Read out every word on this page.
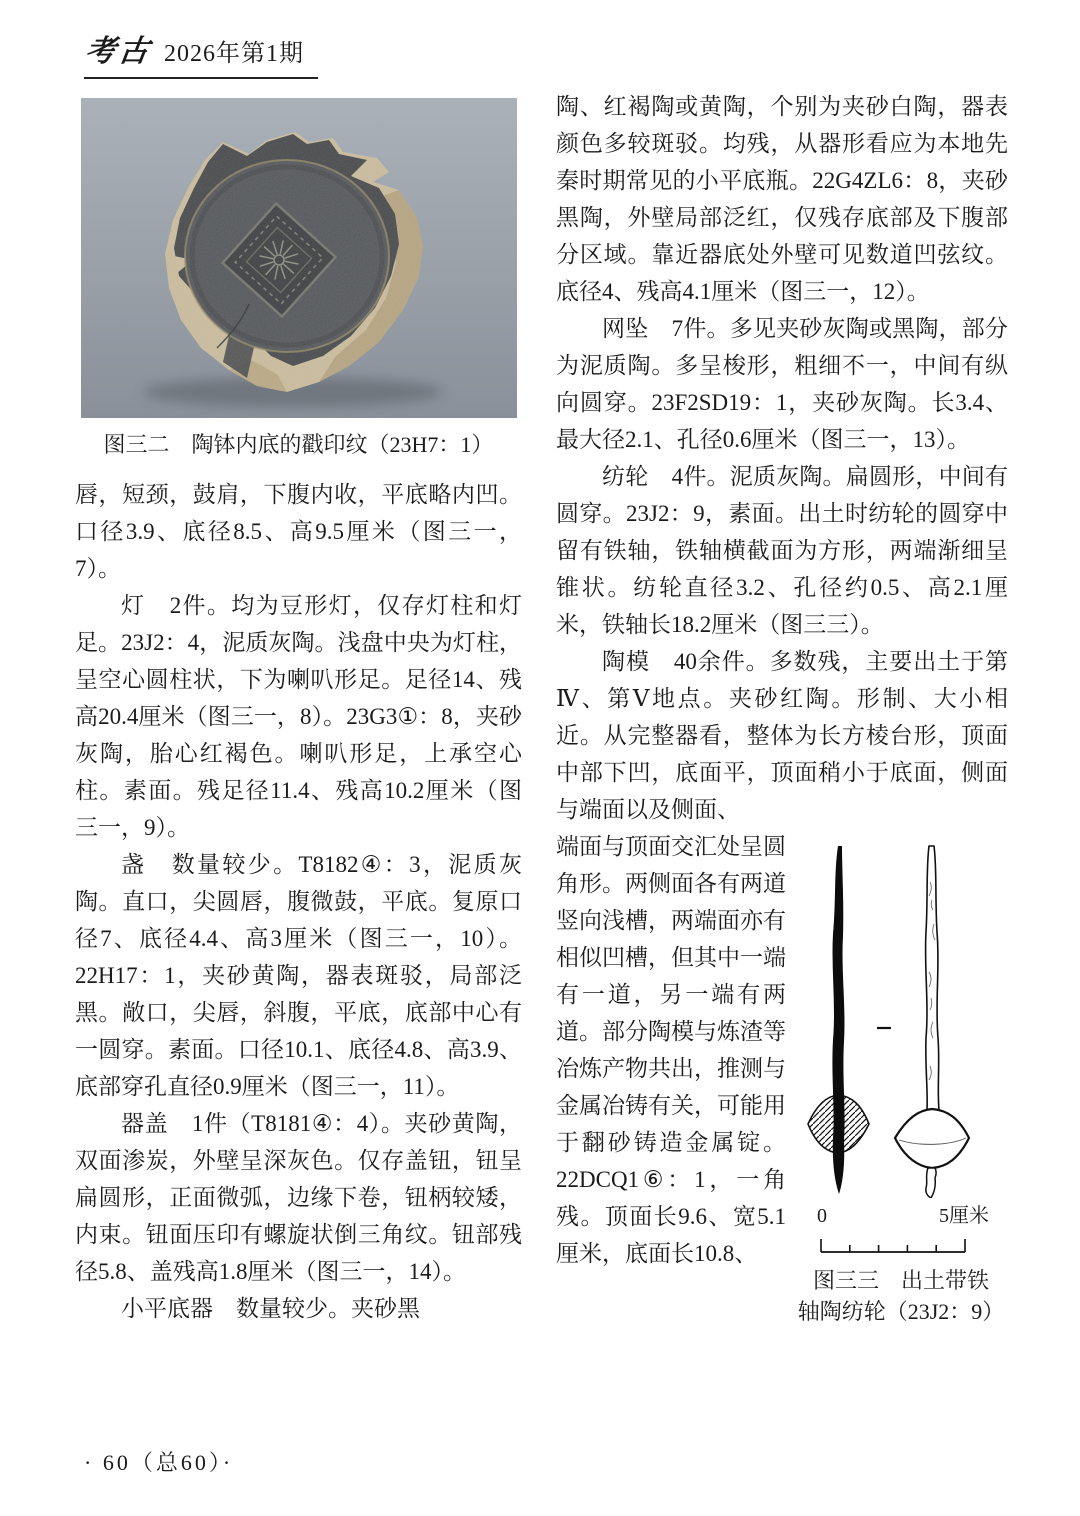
考古 2026年第1期

图三二　陶钵内底的戳印纹（23H7：1）

唇，短颈，鼓肩，下腹内收，平底略内凹。口径3.9、底径8.5、高9.5厘米（图三一，7）。

灯　2件。均为豆形灯，仅存灯柱和灯足。23J2：4，泥质灰陶。浅盘中央为灯柱，呈空心圆柱状，下为喇叭形足。足径14、残高20.4厘米（图三一，8）。23G3①：8，夹砂灰陶，胎心红褐色。喇叭形足，上承空心柱。素面。残足径11.4、残高10.2厘米（图三一，9）。

盏　数量较少。T8182④：3，泥质灰陶。直口，尖圆唇，腹微鼓，平底。复原口径7、底径4.4、高3厘米（图三一，10）。22H17：1，夹砂黄陶，器表斑驳，局部泛黑。敞口，尖唇，斜腹，平底，底部中心有一圆穿。素面。口径10.1、底径4.8、高3.9、底部穿孔直径0.9厘米（图三一，11）。

器盖　1件（T8181④：4）。夹砂黄陶，双面渗炭，外壁呈深灰色。仅存盖钮，钮呈扁圆形，正面微弧，边缘下卷，钮柄较矮，内束。钮面压印有螺旋状倒三角纹。钮部残径5.8、盖残高1.8厘米（图三一，14）。

小平底器　数量较少。夹砂黑

陶、红褐陶或黄陶，个别为夹砂白陶，器表颜色多较斑驳。均残，从器形看应为本地先秦时期常见的小平底瓶。22G4ZL6：8，夹砂黑陶，外壁局部泛红，仅残存底部及下腹部分区域。靠近器底处外壁可见数道凹弦纹。底径4、残高4.1厘米（图三一，12）。

网坠　7件。多见夹砂灰陶或黑陶，部分为泥质陶。多呈梭形，粗细不一，中间有纵向圆穿。23F2SD19：1，夹砂灰陶。长3.4、最大径2.1、孔径0.6厘米（图三一，13）。

纺轮　4件。泥质灰陶。扁圆形，中间有圆穿。23J2：9，素面。出土时纺轮的圆穿中留有铁轴，铁轴横截面为方形，两端渐细呈锥状。纺轮直径3.2、孔径约0.5、高2.1厘米，铁轴长18.2厘米（图三三）。

陶模　40余件。多数残，主要出土于第Ⅳ、第Ⅴ地点。夹砂红陶。形制、大小相近。从完整器看，整体为长方棱台形，顶面中部下凹，底面平，顶面稍小于底面，侧面与端面以及侧面、

0	5厘米
图三三　出土带铁
轴陶纺轮（23J2：9）
端面与顶面交汇处呈圆角形。两侧面各有两道竖向浅槽，两端面亦有相似凹槽，但其中一端有一道，另一端有两道。部分陶模与炼渣等冶炼产物共出，推测与金属冶铸有关，可能用于翻砂铸造金属锭。22DCQ1⑥：1，一角残。顶面长9.6、宽5.1厘米，底面长10.8、
· 60（总60）·
